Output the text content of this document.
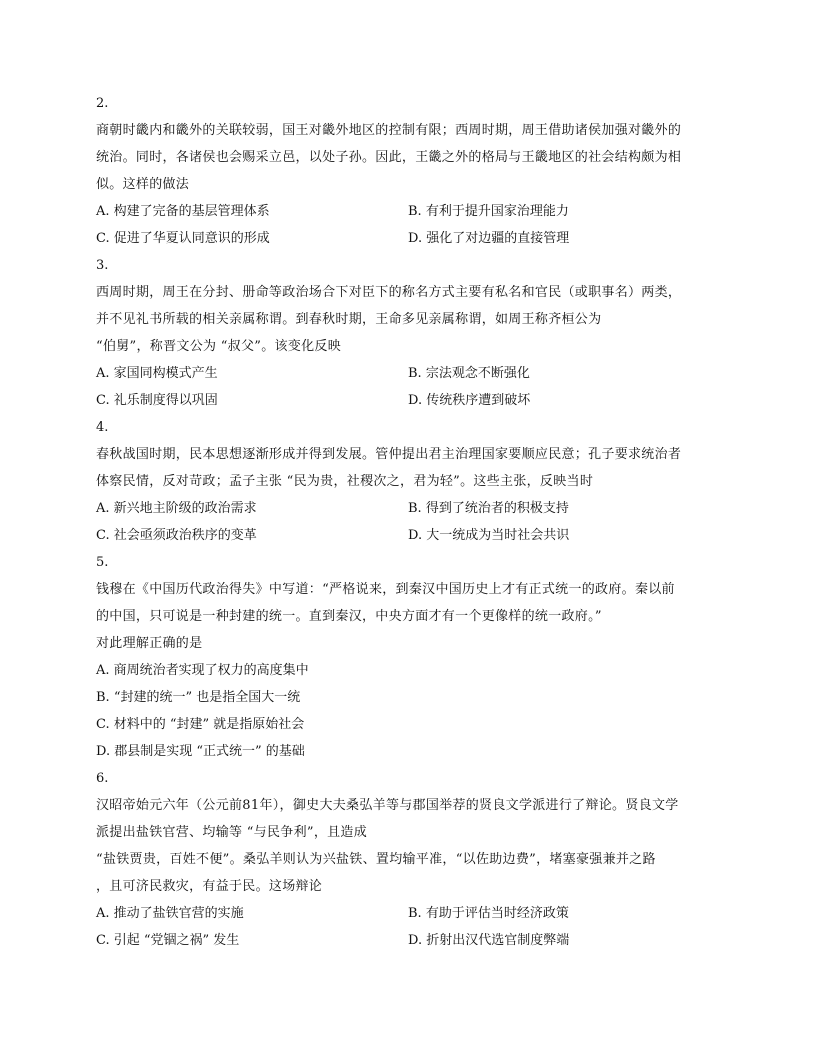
2.

商朝时畿内和畿外的关联较弱，国王对畿外地区的控制有限；西周时期，周王借助诸侯加强对畿外的

统治。同时，各诸侯也会赐采立邑，以处子孙。因此，王畿之外的格局与王畿地区的社会结构颇为相

似。这样的做法

A. 构建了完备的基层管理体系	B. 有利于提升国家治理能力
C. 促进了华夏认同意识的形成	D. 强化了对边疆的直接管理
3.

西周时期，周王在分封、册命等政治场合下对臣下的称名方式主要有私名和官民（或职事名）两类，

并不见礼书所载的相关亲属称谓。到春秋时期，王命多见亲属称谓，如周王称齐桓公为

“伯舅”，称晋文公为 “叔父”。该变化反映

A. 家国同构模式产生	B. 宗法观念不断强化
C. 礼乐制度得以巩固	D. 传统秩序遭到破坏
4.

春秋战国时期，民本思想逐渐形成并得到发展。管仲提出君主治理国家要顺应民意；孔子要求统治者

体察民情，反对苛政；孟子主张 “民为贵，社稷次之，君为轻”。这些主张，反映当时

A. 新兴地主阶级的政治需求	B. 得到了统治者的积极支持
C. 社会亟须政治秩序的变革	D. 大一统成为当时社会共识
5.

钱穆在《中国历代政治得失》中写道：“严格说来，到秦汉中国历史上才有正式统一的政府。秦以前

的中国，只可说是一种封建的统一。直到秦汉，中央方面才有一个更像样的统一政府。”

对此理解正确的是

A. 商周统治者实现了权力的高度集中
B. “封建的统一” 也是指全国大一统
C. 材料中的 “封建” 就是指原始社会
D. 郡县制是实现 “正式统一” 的基础
6.

汉昭帝始元六年（公元前81年），御史大夫桑弘羊等与郡国举荐的贤良文学派进行了辩论。贤良文学

派提出盐铁官营、均输等 “与民争利”，且造成

“盐铁贾贵，百姓不便”。桑弘羊则认为兴盐铁、置均输平准，“以佐助边费”，堵塞豪强兼并之路

，且可济民救灾，有益于民。这场辩论

A. 推动了盐铁官营的实施	B. 有助于评估当时经济政策
C. 引起 “党锢之祸” 发生	D. 折射出汉代选官制度弊端
